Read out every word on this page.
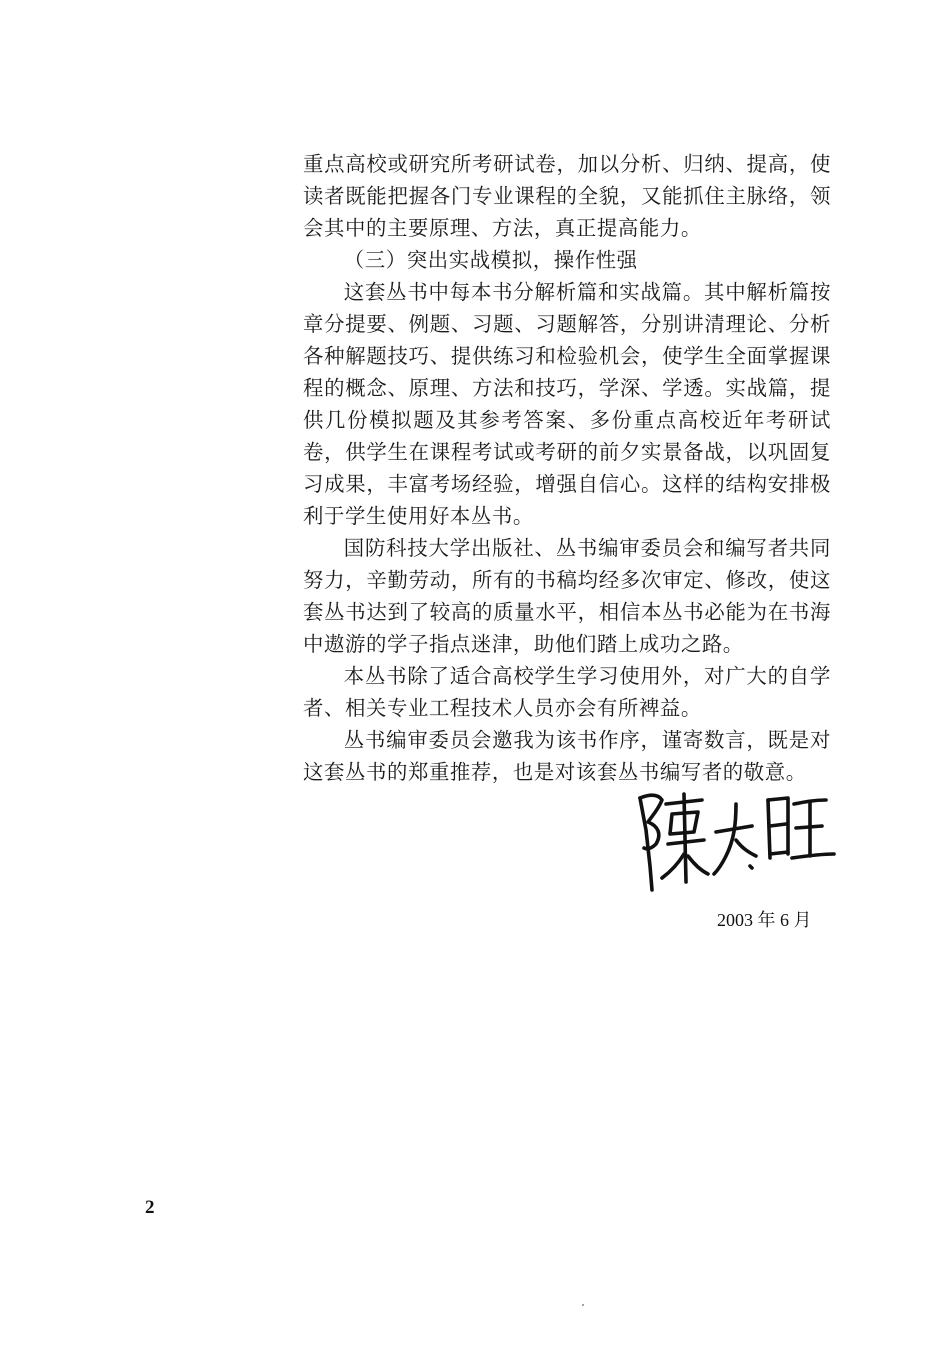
重点高校或研究所考研试卷，加以分析、归纳、提高，使读者既能把握各门专业课程的全貌，又能抓住主脉络，领会其中的主要原理、方法，真正提高能力。

（三）突出实战模拟，操作性强

这套丛书中每本书分解析篇和实战篇。其中解析篇按章分提要、例题、习题、习题解答，分别讲清理论、分析各种解题技巧、提供练习和检验机会，使学生全面掌握课程的概念、原理、方法和技巧，学深、学透。实战篇，提供几份模拟题及其参考答案、多份重点高校近年考研试卷，供学生在课程考试或考研的前夕实景备战，以巩固复习成果，丰富考场经验，增强自信心。这样的结构安排极利于学生使用好本丛书。

国防科技大学出版社、丛书编审委员会和编写者共同努力，辛勤劳动，所有的书稿均经多次审定、修改，使这套丛书达到了较高的质量水平，相信本丛书必能为在书海中遨游的学子指点迷津，助他们踏上成功之路。

本丛书除了适合高校学生学习使用外，对广大的自学者、相关专业工程技术人员亦会有所裨益。

丛书编审委员会邀我为该书作序，谨寄数言，既是对这套丛书的郑重推荐，也是对该套丛书编写者的敬意。

2003 年 6 月
2
